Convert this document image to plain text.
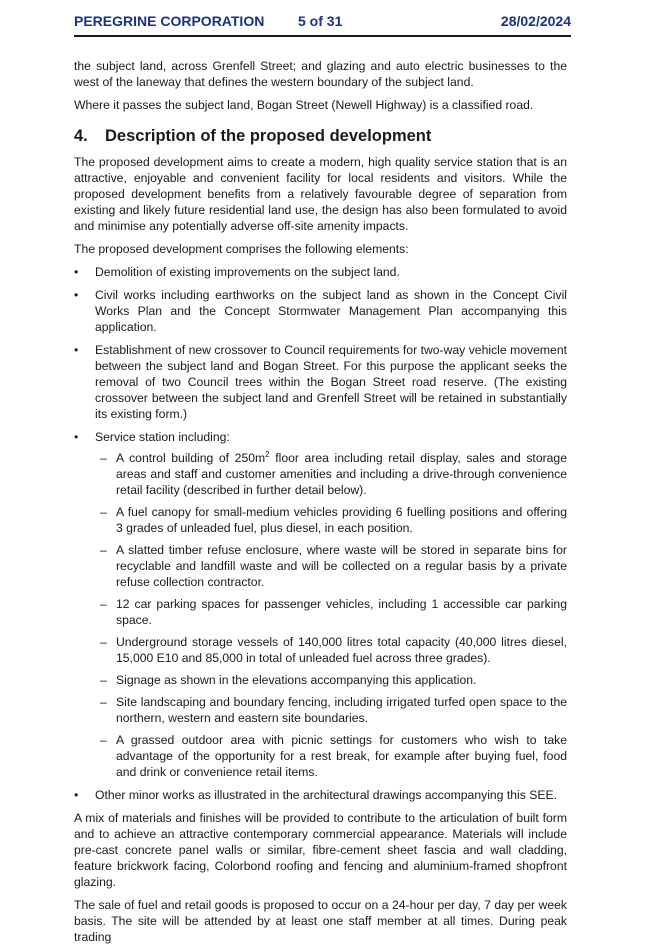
PEREGRINE CORPORATION 5 of 31	28/02/2024

the subject land, across Grenfell Street; and glazing and auto electric businesses to the west of the laneway that defines the western boundary of the subject land.

Where it passes the subject land, Bogan Street (Newell Highway) is a classified road.

4. Description of the proposed development

The proposed development aims to create a modern, high quality service station that is an attractive, enjoyable and convenient facility for local residents and visitors. While the proposed development benefits from a relatively favourable degree of separation from existing and likely future residential land use, the design has also been formulated to avoid and minimise any potentially adverse off-site amenity impacts.

The proposed development comprises the following elements:

• Demolition of existing improvements on the subject land.
• Civil works including earthworks on the subject land as shown in the Concept Civil Works Plan and the Concept Stormwater Management Plan accompanying this application.
• Establishment of new crossover to Council requirements for two-way vehicle movement between the subject land and Bogan Street. For this purpose the applicant seeks the removal of two Council trees within the Bogan Street road reserve. (The existing crossover between the subject land and Grenfell Street will be retained in substantially its existing form.)
• Service station including:
– A control building of $250m^2$ floor area including retail display, sales and storage areas and staff and customer amenities and including a drive-through convenience retail facility (described in further detail below).
– A fuel canopy for small-medium vehicles providing 6 fuelling positions and offering 3 grades of unleaded fuel, plus diesel, in each position.
– A slatted timber refuse enclosure, where waste will be stored in separate bins for recyclable and landfill waste and will be collected on a regular basis by a private refuse collection contractor.
– 12 car parking spaces for passenger vehicles, including 1 accessible car parking space.
– Underground storage vessels of 140,000 litres total capacity (40,000 litres diesel, 15,000 E10 and 85,000 in total of unleaded fuel across three grades).
– Signage as shown in the elevations accompanying this application.
– Site landscaping and boundary fencing, including irrigated turfed open space to the northern, western and eastern site boundaries.
– A grassed outdoor area with picnic settings for customers who wish to take advantage of the opportunity for a rest break, for example after buying fuel, food and drink or convenience retail items.
• Other minor works as illustrated in the architectural drawings accompanying this SEE.

A mix of materials and finishes will be provided to contribute to the articulation of built form and to achieve an attractive contemporary commercial appearance. Materials will include pre-cast concrete panel walls or similar, fibre-cement sheet fascia and wall cladding, feature brickwork facing, Colorbond roofing and fencing and aluminium-framed shopfront glazing.

The sale of fuel and retail goods is proposed to occur on a 24-hour per day, 7 day per week basis. The site will be attended by at least one staff member at all times. During peak trading
